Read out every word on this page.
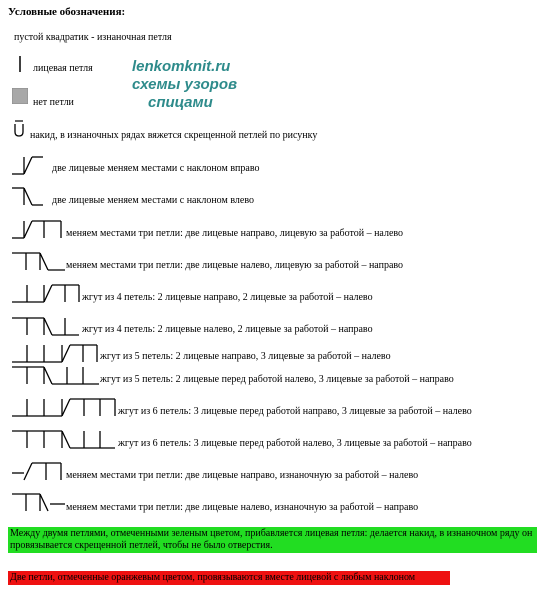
Условные обозначения:
пустой квадратик - изнаночная петля
лицевая петля	lenkomknit.ru
схемы узоров
спицами
нет петли
накид, в изнаночных рядах вяжется скрещенной петлей по рисунку
две лицевые меняем местами с наклоном вправо
две лицевые меняем местами с наклоном влево
меняем местами три петли: две лицевые направо, лицевую за работой – налево
меняем местами три петли: две лицевые налево, лицевую за работой – направо
жгут из 4 петель: 2 лицевые направо, 2 лицевые за работой – налево
жгут из 4 петель: 2 лицевые налево, 2 лицевые за работой – направо
жгут из 5 петель: 2 лицевые направо, 3 лицевые за работой – налево
жгут из 5 петель: 2 лицевые перед работой налево, 3 лицевые за работой – направо
жгут из 6 петель: 3 лицевые перед работой направо, 3 лицевые за работой – налево
жгут из 6 петель: 3 лицевые перед работой налево, 3 лицевые за работой – направо
меняем местами три петли: две лицевые направо, изнаночную за работой – налево
меняем местами три петли: две лицевые налево, изнаночную за работой – направо
Между двумя петлями, отмеченными зеленым цветом, прибавляется лицевая петля: делается накид, в изнаночном ряду он провязывается скрещенной петлей, чтобы не было отверстия.
Две петли, отмеченные оранжевым цветом, провязываются вместе лицевой с любым наклоном
